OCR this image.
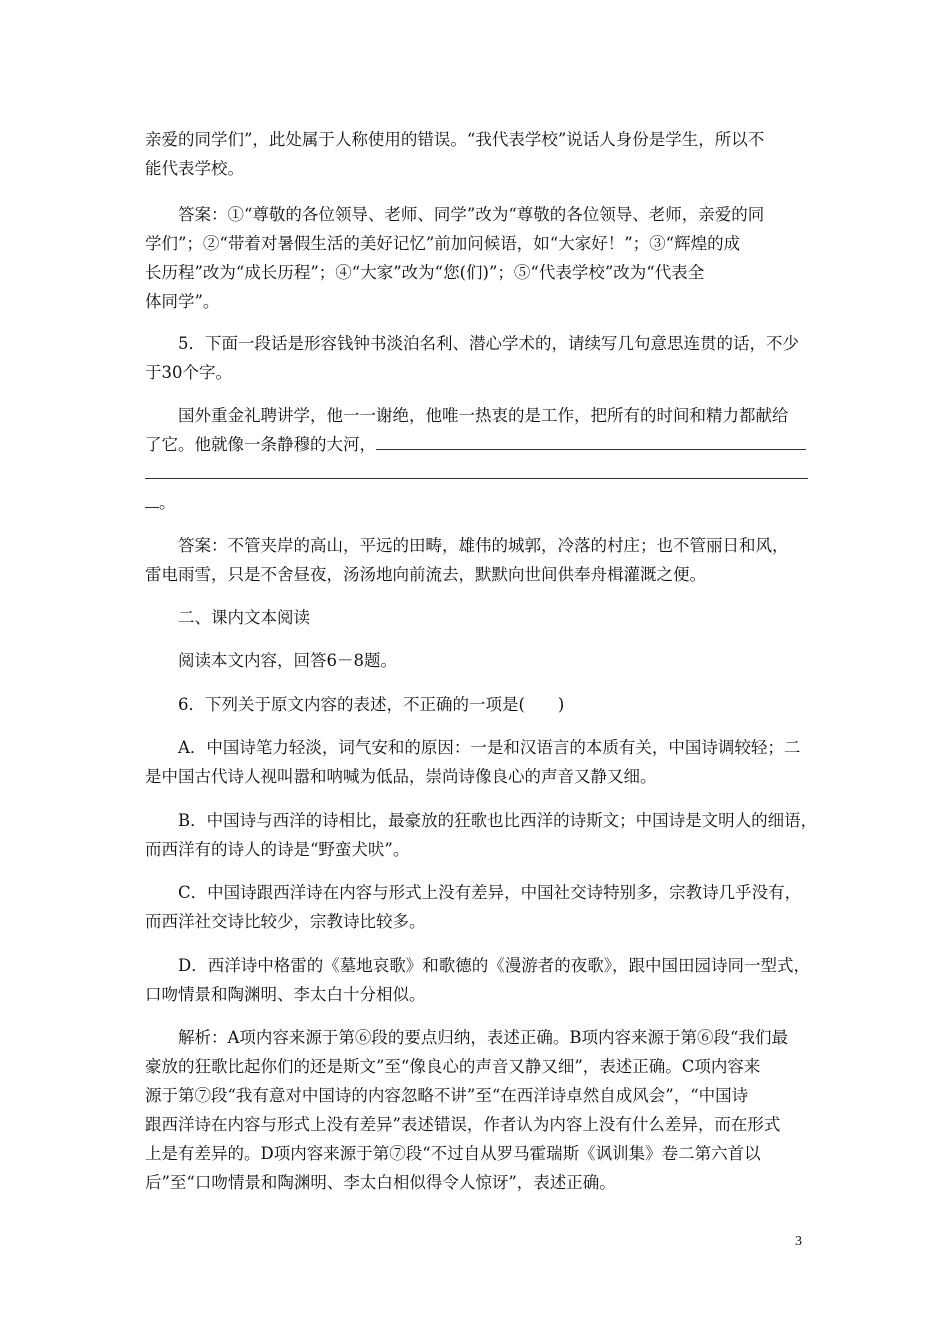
亲爱的同学们”，此处属于人称使用的错误。“我代表学校”说话人身份是学生，所以不
能代表学校。

答案：①“尊敬的各位领导、老师、同学”改为“尊敬的各位领导、老师，亲爱的同
学们”；②“带着对暑假生活的美好记忆”前加问候语，如“大家好！”；③“辉煌的成
长历程”改为“成长历程”；④“大家”改为“您(们)”；⑤“代表学校”改为“代表全
体同学”。

5．下面一段话是形容钱钟书淡泊名利、潜心学术的，请续写几句意思连贯的话，不少
于30个字。

国外重金礼聘讲学，他一一谢绝，他唯一热衷的是工作，把所有的时间和精力都献给
了它。他就像一条静穆的大河，
。

答案：不管夹岸的高山，平远的田畴，雄伟的城郭，冷落的村庄；也不管丽日和风，
雷电雨雪，只是不舍昼夜，汤汤地向前流去，默默向世间供奉舟楫灌溉之便。

二、课内文本阅读

阅读本文内容，回答6－8题。

6．下列关于原文内容的表述，不正确的一项是(　　)

A．中国诗笔力轻淡，词气安和的原因：一是和汉语言的本质有关，中国诗调较轻；二
是中国古代诗人视叫嚣和呐喊为低品，崇尚诗像良心的声音又静又细。

B．中国诗与西洋的诗相比，最豪放的狂歌也比西洋的诗斯文；中国诗是文明人的细语，
而西洋有的诗人的诗是“野蛮犬吠”。

C．中国诗跟西洋诗在内容与形式上没有差异，中国社交诗特别多，宗教诗几乎没有，
而西洋社交诗比较少，宗教诗比较多。

D．西洋诗中格雷的《墓地哀歌》和歌德的《漫游者的夜歌》，跟中国田园诗同一型式，
口吻情景和陶渊明、李太白十分相似。

解析：A项内容来源于第⑥段的要点归纳，表述正确。B项内容来源于第⑥段“我们最
豪放的狂歌比起你们的还是斯文”至“像良心的声音又静又细”，表述正确。C项内容来
源于第⑦段“我有意对中国诗的内容忽略不讲”至“在西洋诗卓然自成风会”，“中国诗
跟西洋诗在内容与形式上没有差异”表述错误，作者认为内容上没有什么差异，而在形式
上是有差异的。D项内容来源于第⑦段“不过自从罗马霍瑞斯《讽训集》卷二第六首以
后”至“口吻情景和陶渊明、李太白相似得令人惊讶”，表述正确。

3
